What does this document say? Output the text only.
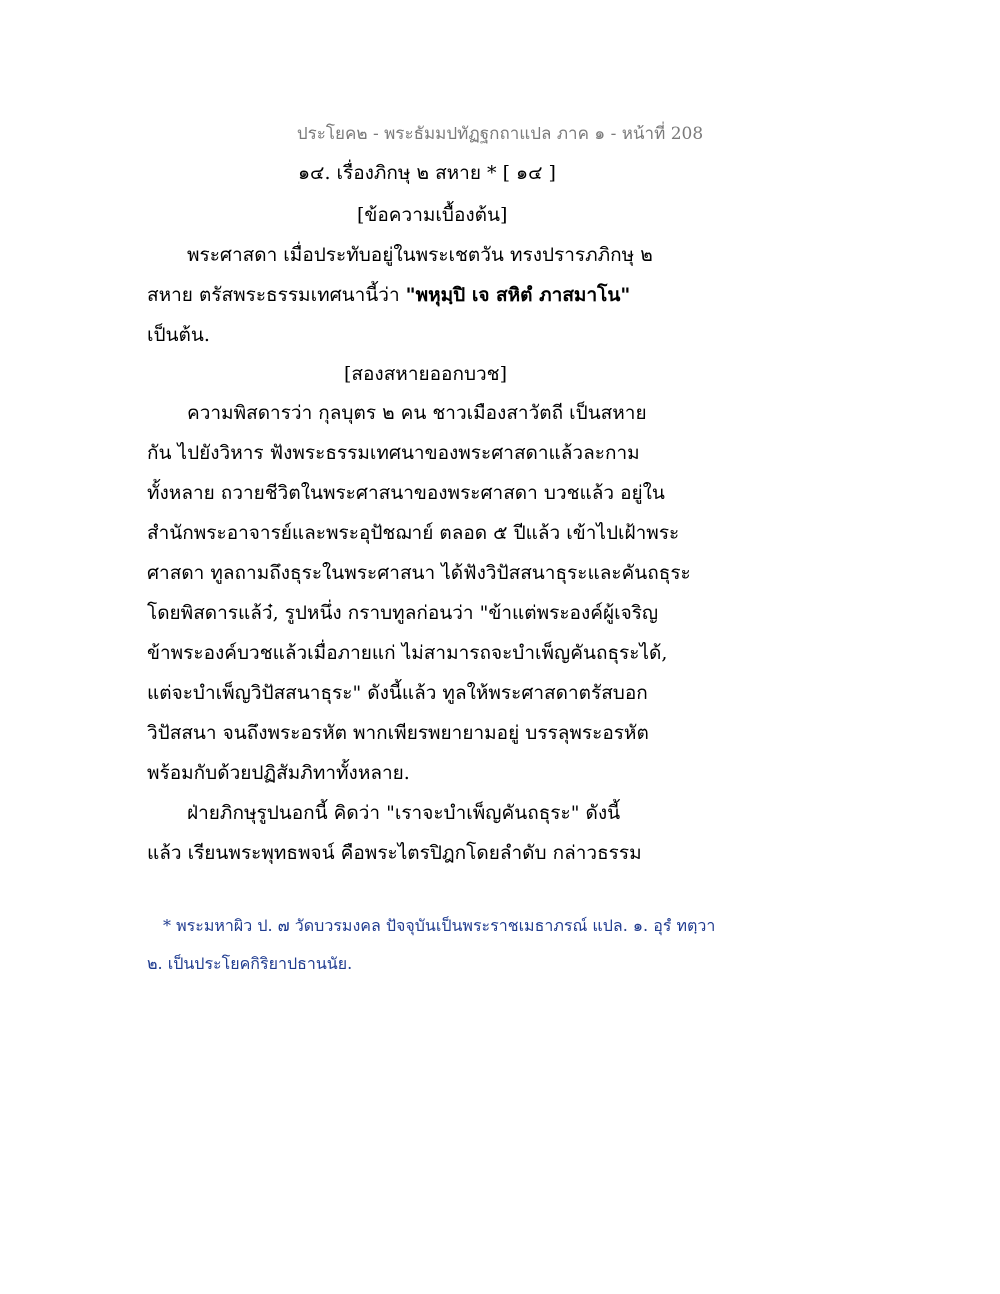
ประโยค๒ - พระธัมมปทัฏฐกถาแปล ภาค ๑ - หน้าที่ 208
๑๔. เรื่องภิกษุ ๒ สหาย * [ ๑๔ ]
[ข้อความเบื้องต้น]
พระศาสดา เมื่อประทับอยู่ในพระเชตวัน ทรงปรารภภิกษุ ๒
สหาย ตรัสพระธรรมเทศนานี้ว่า "พหุมฺปิ เจ สหิตํ ภาสมาโน"
เป็นต้น.
[สองสหายออกบวช]
ความพิสดารว่า กุลบุตร ๒ คน ชาวเมืองสาวัตถี เป็นสหาย
กัน ไปยังวิหาร ฟังพระธรรมเทศนาของพระศาสดาแล้วละกาม
ทั้งหลาย ถวายชีวิตในพระศาสนาของพระศาสดา บวชแล้ว อยู่ใน
สำนักพระอาจารย์และพระอุปัชฌาย์ ตลอด ๕ ปีแล้ว เข้าไปเฝ้าพระ
ศาสดา ทูลถามถึงธุระในพระศาสนา ได้ฟังวิปัสสนาธุระและคันถธุระ
โดยพิสดารแล้ว๋, รูปหนึ่ง กราบทูลก่อนว่า "ข้าแต่พระองค์ผู้เจริญ
ข้าพระองค์บวชแล้วเมื่อภายแก่ ไม่สามารถจะบำเพ็ญคันถธุระได้,
แต่จะบำเพ็ญวิปัสสนาธุระ" ดังนี้แล้ว ทูลให้พระศาสดาตรัสบอก
วิปัสสนา จนถึงพระอรหัต พากเพียรพยายามอยู่ บรรลุพระอรหัต
พร้อมกับด้วยปฏิสัมภิทาทั้งหลาย.
ฝ่ายภิกษุรูปนอกนี้ คิดว่า "เราจะบำเพ็ญคันถธุระ" ดังนี้
แล้ว เรียนพระพุทธพจน์ คือพระไตรปิฎกโดยลำดับ กล่าวธรรม
* พระมหาผิว ป. ๗ วัดบวรมงคล ปัจจุบันเป็นพระราชเมธาภรณ์ แปล. ๑. อุรํ ทตฺวา
๒. เป็นประโยคกิริยาปธานนัย.
